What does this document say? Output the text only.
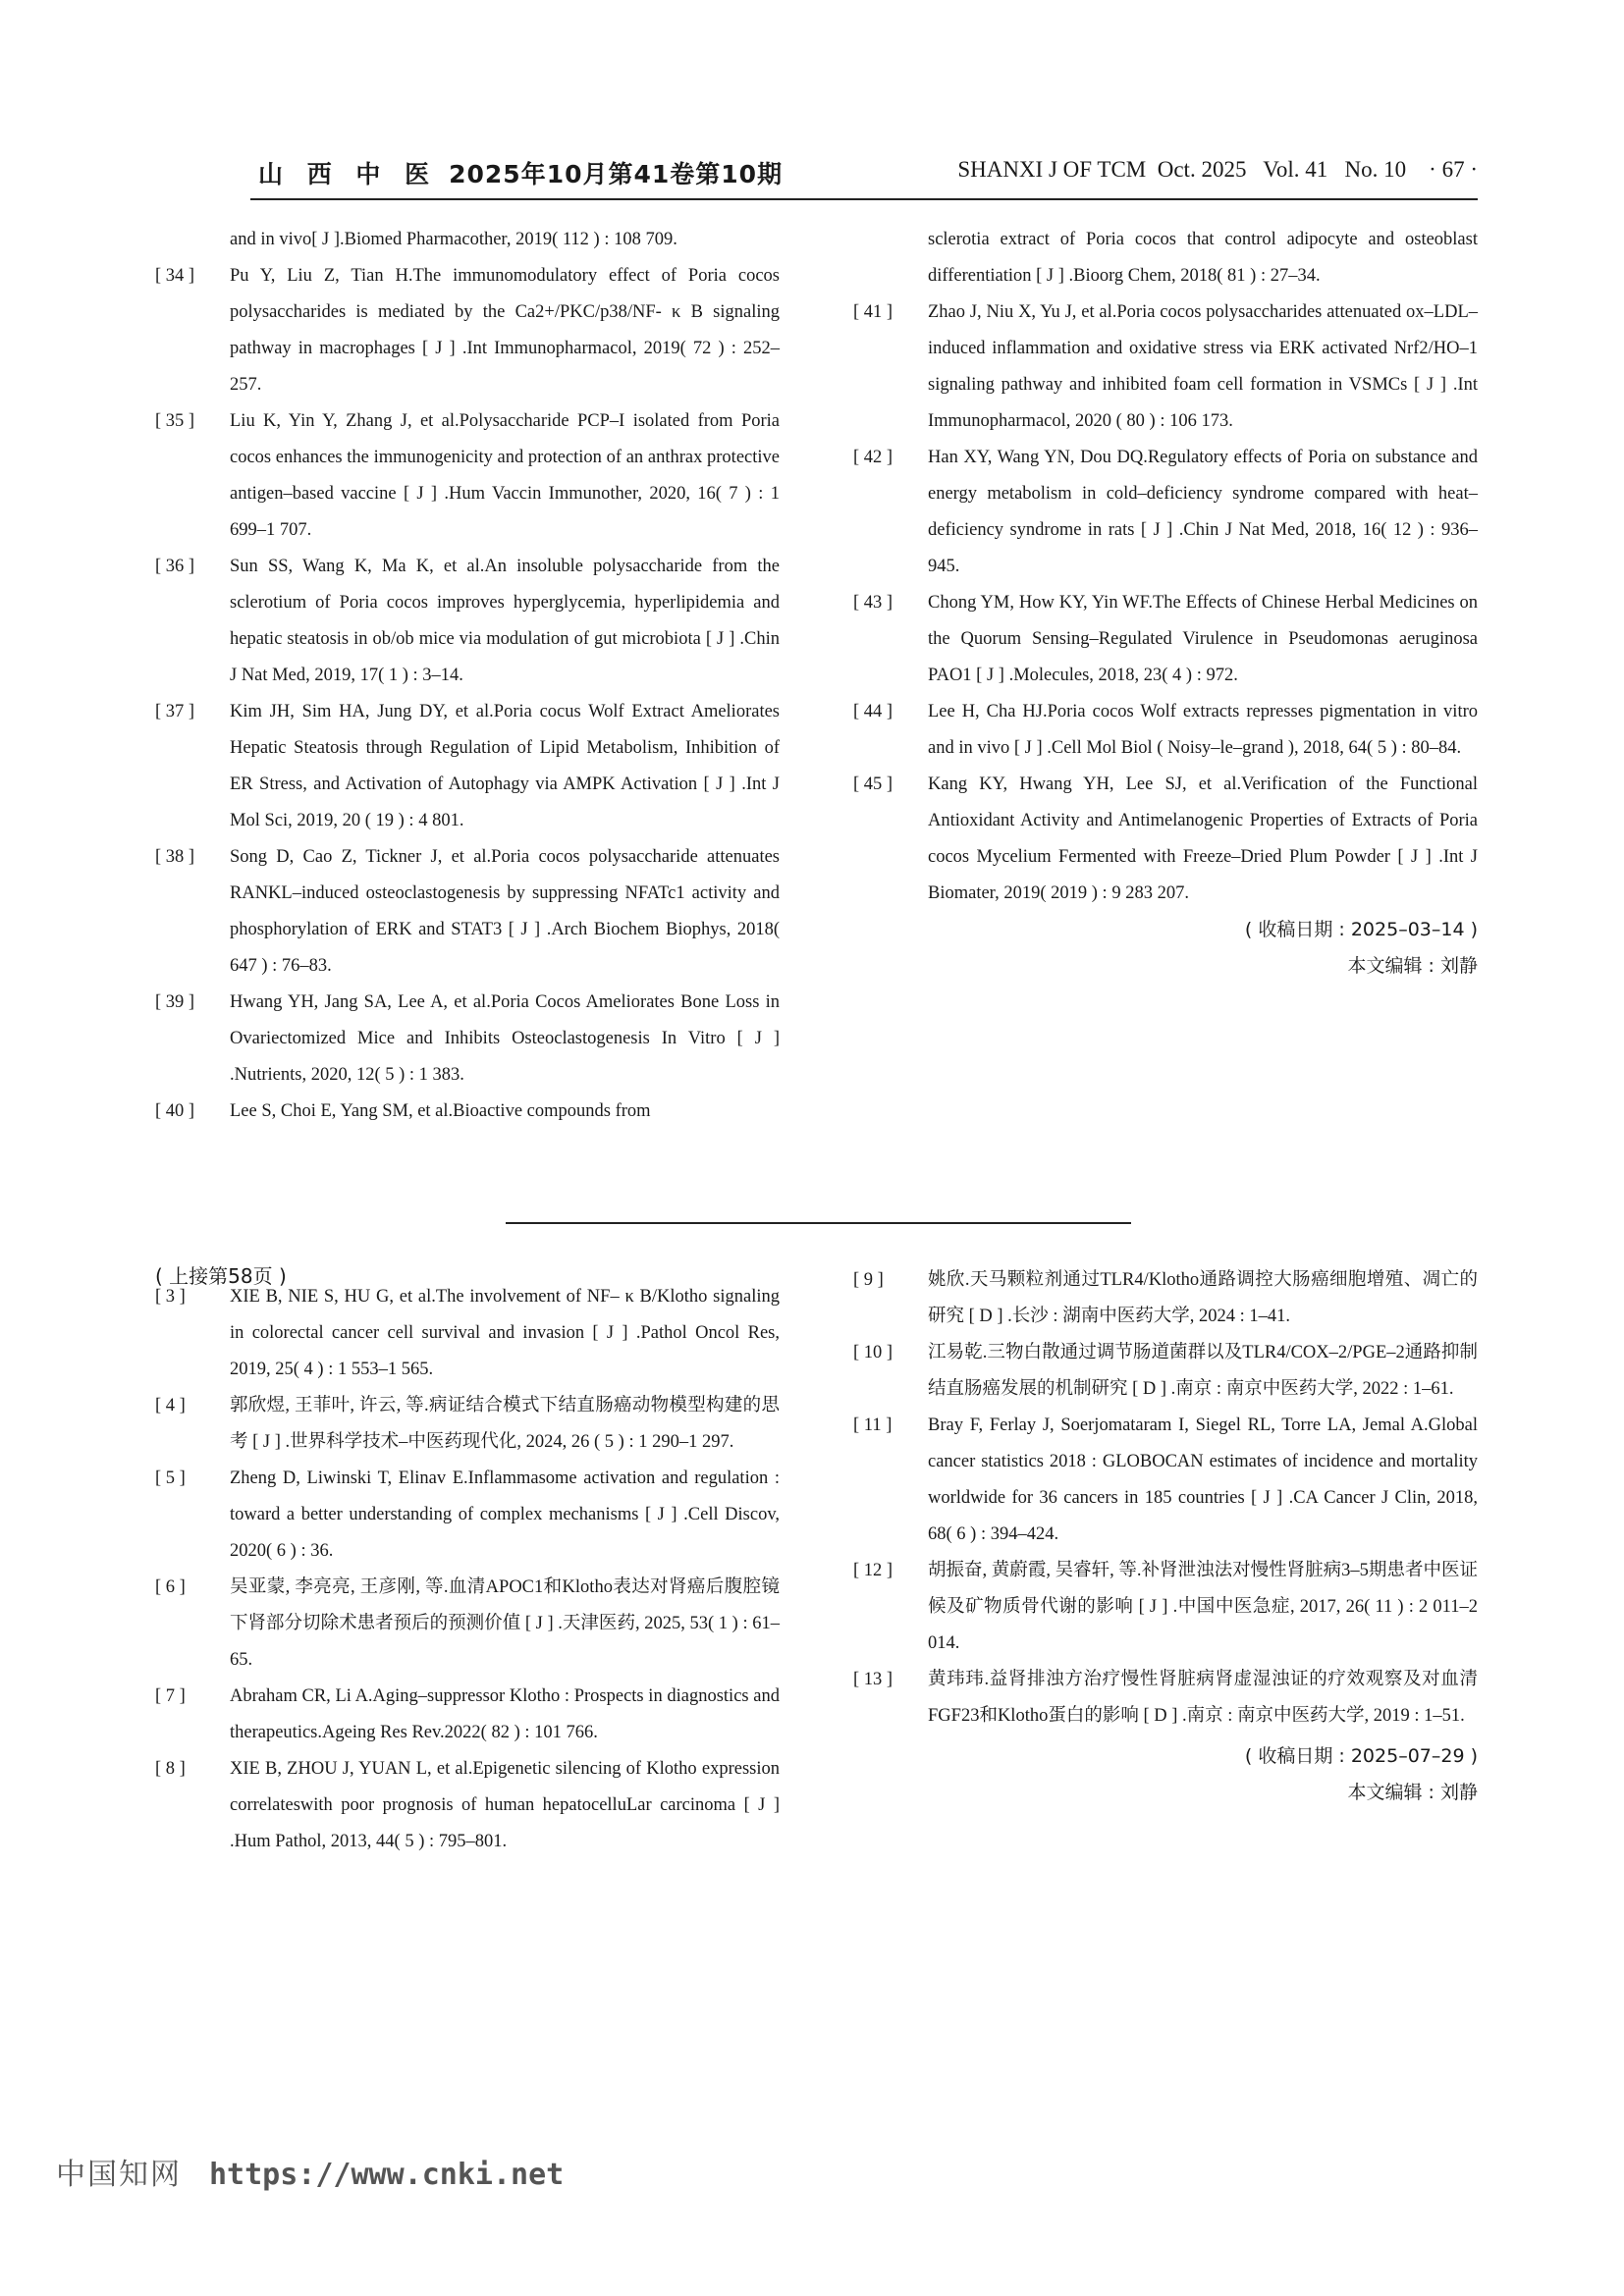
山 西 中 医 2025年10月第41卷第10期	SHANXI J OF TCM  Oct. 2025   Vol. 41   No. 10    · 67 ·
and in vivo[ J ].Biomed Pharmacother, 2019( 112 ) : 108 709.
[ 34 ]	Pu Y, Liu Z, Tian H.The immunomodulatory effect of Poria cocos polysaccharides is mediated by the Ca2+/PKC/p38/NF- κ B signaling pathway in macrophages [ J ] .Int Immunopharmacol, 2019( 72 ) : 252–257.
[ 35 ]	Liu K, Yin Y, Zhang J, et al.Polysaccharide PCP–I isolated from Poria cocos enhances the immunogenicity and protection of an anthrax protective antigen–based vaccine [ J ] .Hum Vaccin Immunother, 2020, 16( 7 ) : 1 699–1 707.
[ 36 ]	Sun SS, Wang K, Ma K, et al.An insoluble polysaccharide from the sclerotium of Poria cocos improves hyperglycemia, hyperlipidemia and hepatic steatosis in ob/ob mice via modulation of gut microbiota [ J ] .Chin J Nat Med, 2019, 17( 1 ) : 3–14.
[ 37 ]	Kim JH, Sim HA, Jung DY, et al.Poria cocus Wolf Extract Ameliorates Hepatic Steatosis through Regulation of Lipid Metabolism, Inhibition of ER Stress, and Activation of Autophagy via AMPK Activation [ J ] .Int J Mol Sci, 2019, 20 ( 19 ) : 4 801.
[ 38 ]	Song D, Cao Z, Tickner J, et al.Poria cocos polysaccharide attenuates RANKL–induced osteoclastogenesis by suppressing NFATc1 activity and phosphorylation of ERK and STAT3 [ J ] .Arch Biochem Biophys, 2018( 647 ) : 76–83.
[ 39 ]	Hwang YH, Jang SA, Lee A, et al.Poria Cocos Ameliorates Bone Loss in Ovariectomized Mice and Inhibits Osteoclastogenesis In Vitro [ J ] .Nutrients, 2020, 12( 5 ) : 1 383.
[ 40 ]	Lee S, Choi E, Yang SM, et al.Bioactive compounds from
sclerotia extract of Poria cocos that control adipocyte and osteoblast differentiation [ J ] .Bioorg Chem, 2018( 81 ) : 27–34.
[ 41 ]	Zhao J, Niu X, Yu J, et al.Poria cocos polysaccharides attenuated ox–LDL–induced inflammation and oxidative stress via ERK activated Nrf2/HO–1 signaling pathway and inhibited foam cell formation in VSMCs [ J ] .Int Immunopharmacol, 2020 ( 80 ) : 106 173.
[ 42 ]	Han XY, Wang YN, Dou DQ.Regulatory effects of Poria on substance and energy metabolism in cold–deficiency syndrome compared with heat–deficiency syndrome in rats [ J ] .Chin J Nat Med, 2018, 16( 12 ) : 936–945.
[ 43 ]	Chong YM, How KY, Yin WF.The Effects of Chinese Herbal Medicines on the Quorum Sensing–Regulated Virulence in Pseudomonas aeruginosa PAO1 [ J ] .Molecules, 2018, 23( 4 ) : 972.
[ 44 ]	Lee H, Cha HJ.Poria cocos Wolf extracts represses pigmentation in vitro and in vivo [ J ] .Cell Mol Biol ( Noisy–le–grand ), 2018, 64( 5 ) : 80–84.
[ 45 ]	Kang KY, Hwang YH, Lee SJ, et al.Verification of the Functional Antioxidant Activity and Antimelanogenic Properties of Extracts of Poria cocos Mycelium Fermented with Freeze–Dried Plum Powder [ J ] .Int J Biomater, 2019( 2019 ) : 9 283 207.
( 收稿日期 : 2025–03–14 )
本文编辑 : 刘静
( 上接第58页 )
[ 3 ]	XIE B, NIE S, HU G, et al.The involvement of NF– κ B/Klotho signaling in colorectal cancer cell survival and invasion [ J ] .Pathol Oncol Res, 2019, 25( 4 ) : 1 553–1 565.
[ 4 ]	郭欣煜, 王菲叶, 许云, 等.病证结合模式下结直肠癌动物模型构建的思考 [ J ] .世界科学技术–中医药现代化, 2024, 26 ( 5 ) : 1 290–1 297.
[ 5 ]	Zheng D, Liwinski T, Elinav E.Inflammasome activation and regulation : toward a better understanding of complex mechanisms [ J ] .Cell Discov, 2020( 6 ) : 36.
[ 6 ]	吴亚蒙, 李亮亮, 王彦刚, 等.血清APOC1和Klotho表达对肾癌后腹腔镜下肾部分切除术患者预后的预测价值 [ J ] .天津医药, 2025, 53( 1 ) : 61–65.
[ 7 ]	Abraham CR, Li A.Aging–suppressor Klotho : Prospects in diagnostics and therapeutics.Ageing Res Rev.2022( 82 ) : 101 766.
[ 8 ]	XIE B, ZHOU J, YUAN L, et al.Epigenetic silencing of Klotho expression correlateswith poor prognosis of human hepatocelluLar carcinoma [ J ] .Hum Pathol, 2013, 44( 5 ) : 795–801.
[ 9 ]	姚欣.天马颗粒剂通过TLR4/Klotho通路调控大肠癌细胞增殖、凋亡的研究 [ D ] .长沙 : 湖南中医药大学, 2024 : 1–41.
[ 10 ]	江易乾.三物白散通过调节肠道菌群以及TLR4/COX–2/PGE–2通路抑制结直肠癌发展的机制研究 [ D ] .南京 : 南京中医药大学, 2022 : 1–61.
[ 11 ]	Bray F, Ferlay J, Soerjomataram I, Siegel RL, Torre LA, Jemal A.Global cancer statistics 2018 : GLOBOCAN estimates of incidence and mortality worldwide for 36 cancers in 185 countries [ J ] .CA Cancer J Clin, 2018, 68( 6 ) : 394–424.
[ 12 ]	胡振奋, 黄蔚霞, 吴睿轩, 等.补肾泄浊法对慢性肾脏病3–5期患者中医证候及矿物质骨代谢的影响 [ J ] .中国中医急症, 2017, 26( 11 ) : 2 011–2 014.
[ 13 ]	黄玮玮.益肾排浊方治疗慢性肾脏病肾虚湿浊证的疗效观察及对血清FGF23和Klotho蛋白的影响 [ D ] .南京 : 南京中医药大学, 2019 : 1–51.
( 收稿日期 : 2025–07–29 )
本文编辑 : 刘静
中国知网 https://www.cnki.net
